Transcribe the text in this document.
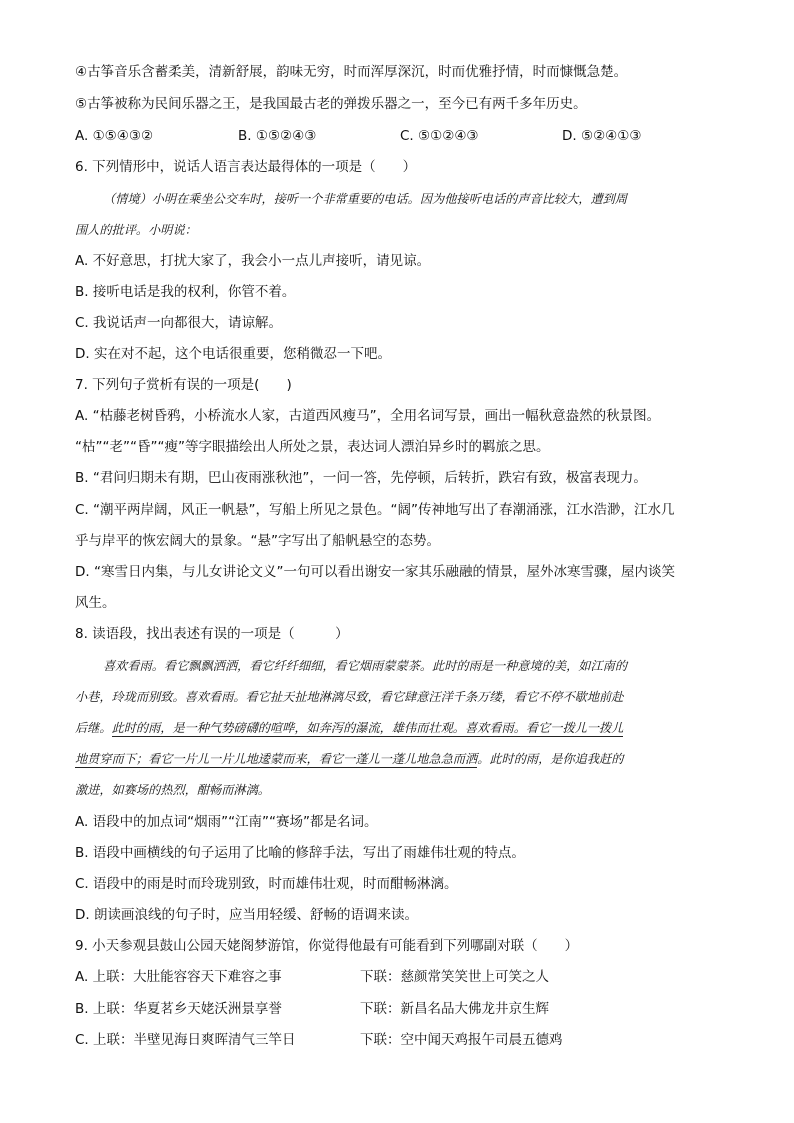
④古筝音乐含蓄柔美，清新舒展，韵味无穷，时而浑厚深沉，时而优雅抒情，时而慷慨急楚。
⑤古筝被称为民间乐器之王，是我国最古老的弹拨乐器之一，至今已有两千多年历史。
A. ①⑤④③②	B. ①⑤②④③	C. ⑤①②④③	D. ⑤②④①③
6. 下列情形中，说话人语言表达最得体的一项是（　　）
（情境）小明在乘坐公交车时，接听一个非常重要的电话。因为他接听电话的声音比较大，遭到周
围人的批评。小明说：
A. 不好意思，打扰大家了，我会小一点儿声接听，请见谅。
B. 接听电话是我的权利，你管不着。
C. 我说话声一向都很大，请谅解。
D. 实在对不起，这个电话很重要，您稍微忍一下吧。
7. 下列句子赏析有误的一项是(　　)
A. “枯藤老树昏鸦，小桥流水人家，古道西风瘦马”，全用名词写景，画出一幅秋意盎然的秋景图。
“枯”“老”“昏”“瘦”等字眼描绘出人所处之景，表达词人漂泊异乡时的羁旅之思。
B. “君问归期未有期，巴山夜雨涨秋池”，一问一答，先停顿，后转折，跌宕有致，极富表现力。
C. “潮平两岸阔，风正一帆悬”，写船上所见之景色。“阔”传神地写出了春潮涌涨，江水浩渺，江水几
乎与岸平的恢宏阔大的景象。“悬”字写出了船帆悬空的态势。
D. “寒雪日内集，与儿女讲论文义”一句可以看出谢安一家其乐融融的情景，屋外冰寒雪骤，屋内谈笑
风生。
8. 读语段，找出表述有误的一项是（　　　）
喜欢看雨。看它飘飘洒洒，看它纤纤细细，看它烟雨蒙蒙茶。此时的雨是一种意境的美，如江南的
小巷，玲珑而别致。喜欢看雨。看它扯天扯地淋漓尽致，看它肆意汪洋千条万缕，看它不停不歇地前赴
后继。此时的雨，是一种气势磅礴的喧哗，如奔泻的瀑流，雄伟而壮观。喜欢看雨。看它一拨儿一拨儿
地贯穿而下；看它一片儿一片儿地逶蒙而来，看它一蓬儿一蓬儿地急急而洒。此时的雨，是你追我赶的
激进，如赛场的热烈，酣畅而淋漓。
A. 语段中的加点词“烟雨”“江南”“赛场”都是名词。
B. 语段中画横线的句子运用了比喻的修辞手法，写出了雨雄伟壮观的特点。
C. 语段中的雨是时而玲珑别致，时而雄伟壮观，时而酣畅淋漓。
D. 朗读画浪线的句子时，应当用轻缓、舒畅的语调来读。
9. 小天参观县鼓山公园天姥阁梦游馆，你觉得他最有可能看到下列哪副对联（　　）
A. 上联：大肚能容容天下难容之事	下联：慈颜常笑笑世上可笑之人
B. 上联：华夏茗乡天姥沃洲景享誉	下联：新昌名品大佛龙井京生辉
C. 上联：半壁见海日爽晖清气三竿日	下联：空中闻天鸡报午司晨五德鸡
